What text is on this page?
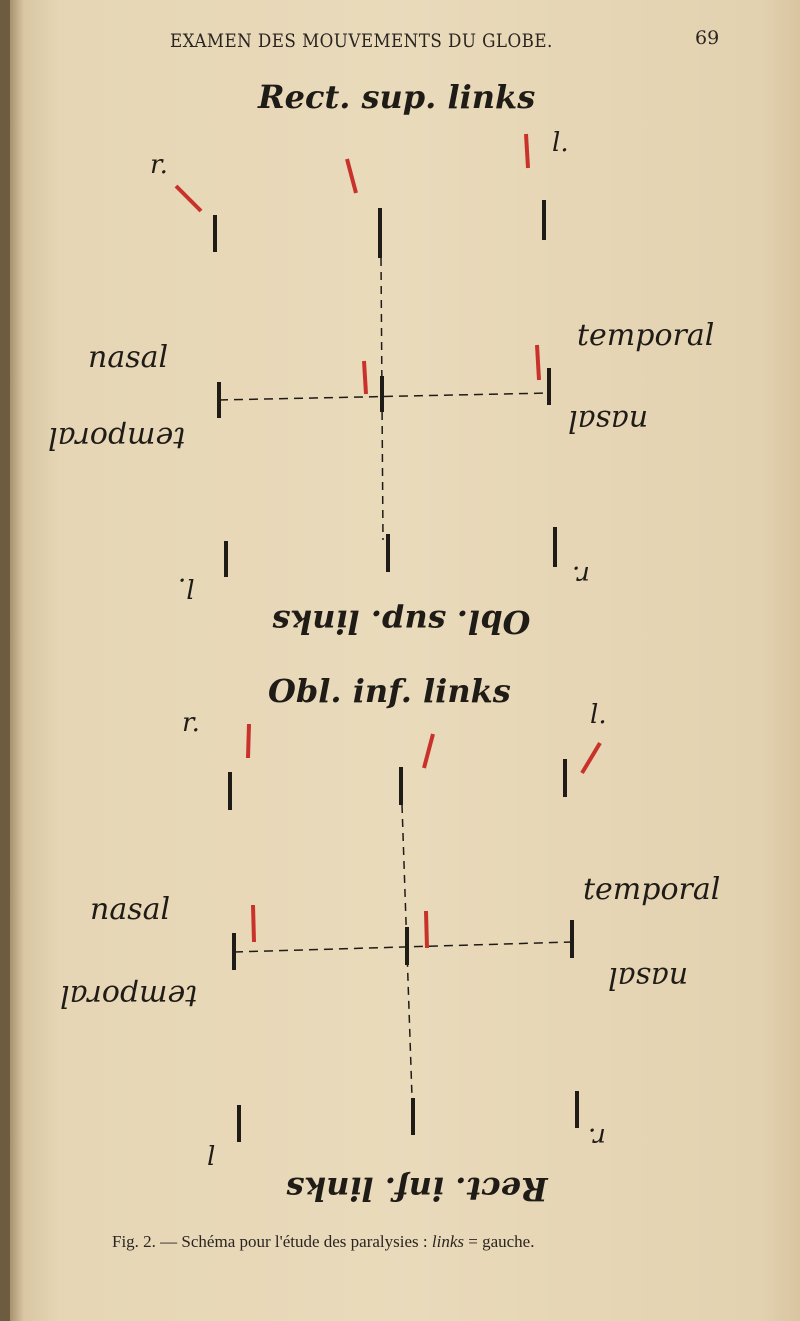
EXAMEN DES MOUVEMENTS DU GLOBE.	69
Rect. sup. links
r.
l.
nasal
temporal
temporal
nasal
l.	r.
Obl. sup. links
Obl. inf. links
r.	l.
nasal
temporal
temporal
nasal
l
r.
Rect. inf. links
Fig. 2. — Schéma pour l'étude des paralysies : links = gauche.
